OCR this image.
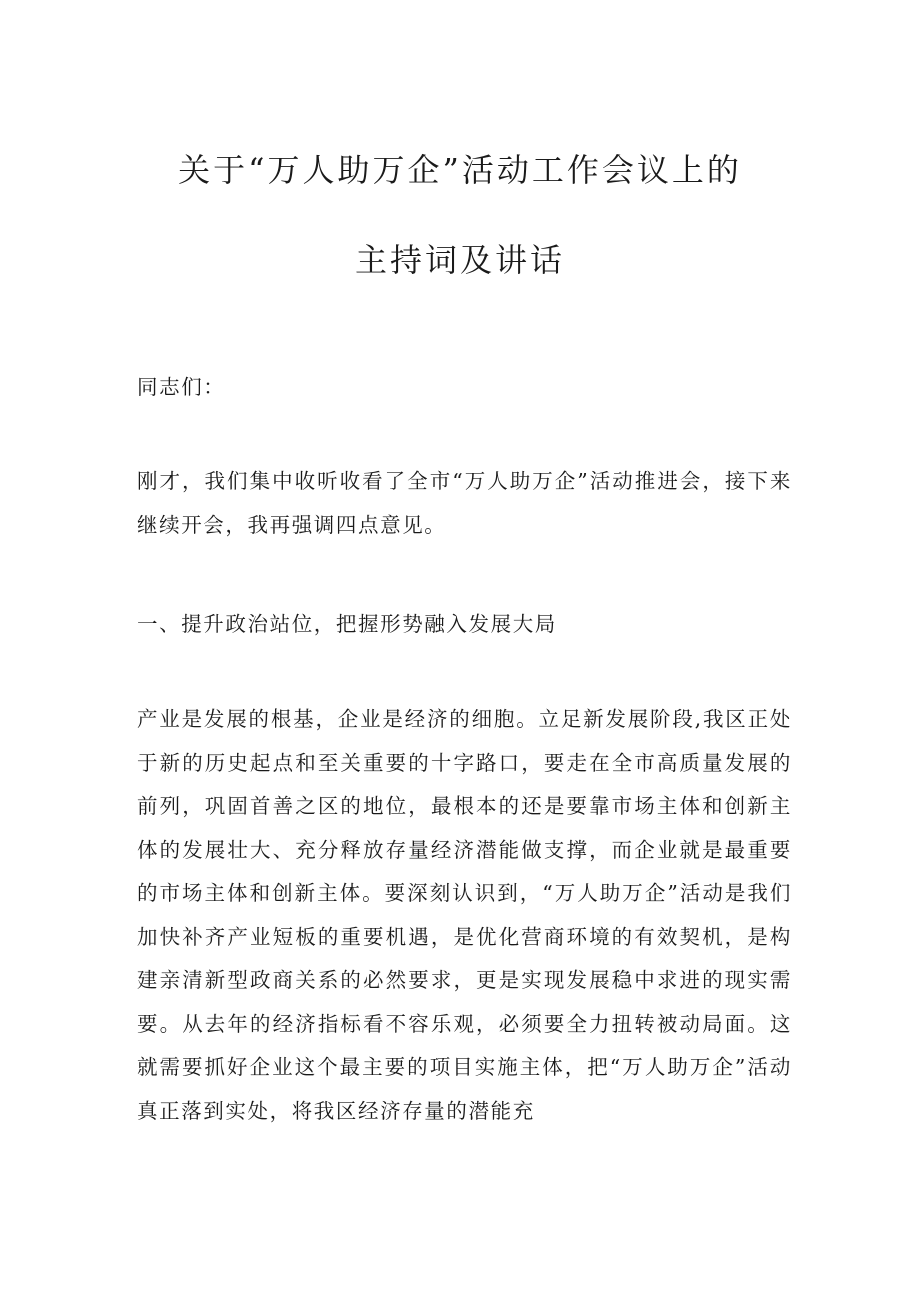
关于“万人助万企”活动工作会议上的
主持词及讲话

同志们：

刚才，我们集中收听收看了全市“万人助万企”活动推进会，接下来继续开会，我再强调四点意见。

一、提升政治站位，把握形势融入发展大局

产业是发展的根基，企业是经济的细胞。立足新发展阶段,我区正处于新的历史起点和至关重要的十字路口，要走在全市高质量发展的前列，巩固首善之区的地位，最根本的还是要靠市场主体和创新主体的发展壮大、充分释放存量经济潜能做支撑，而企业就是最重要的市场主体和创新主体。要深刻认识到，“万人助万企”活动是我们加快补齐产业短板的重要机遇，是优化营商环境的有效契机，是构建亲清新型政商关系的必然要求，更是实现发展稳中求进的现实需要。从去年的经济指标看不容乐观，必须要全力扭转被动局面。这就需要抓好企业这个最主要的项目实施主体，把“万人助万企”活动真正落到实处，将我区经济存量的潜能充
